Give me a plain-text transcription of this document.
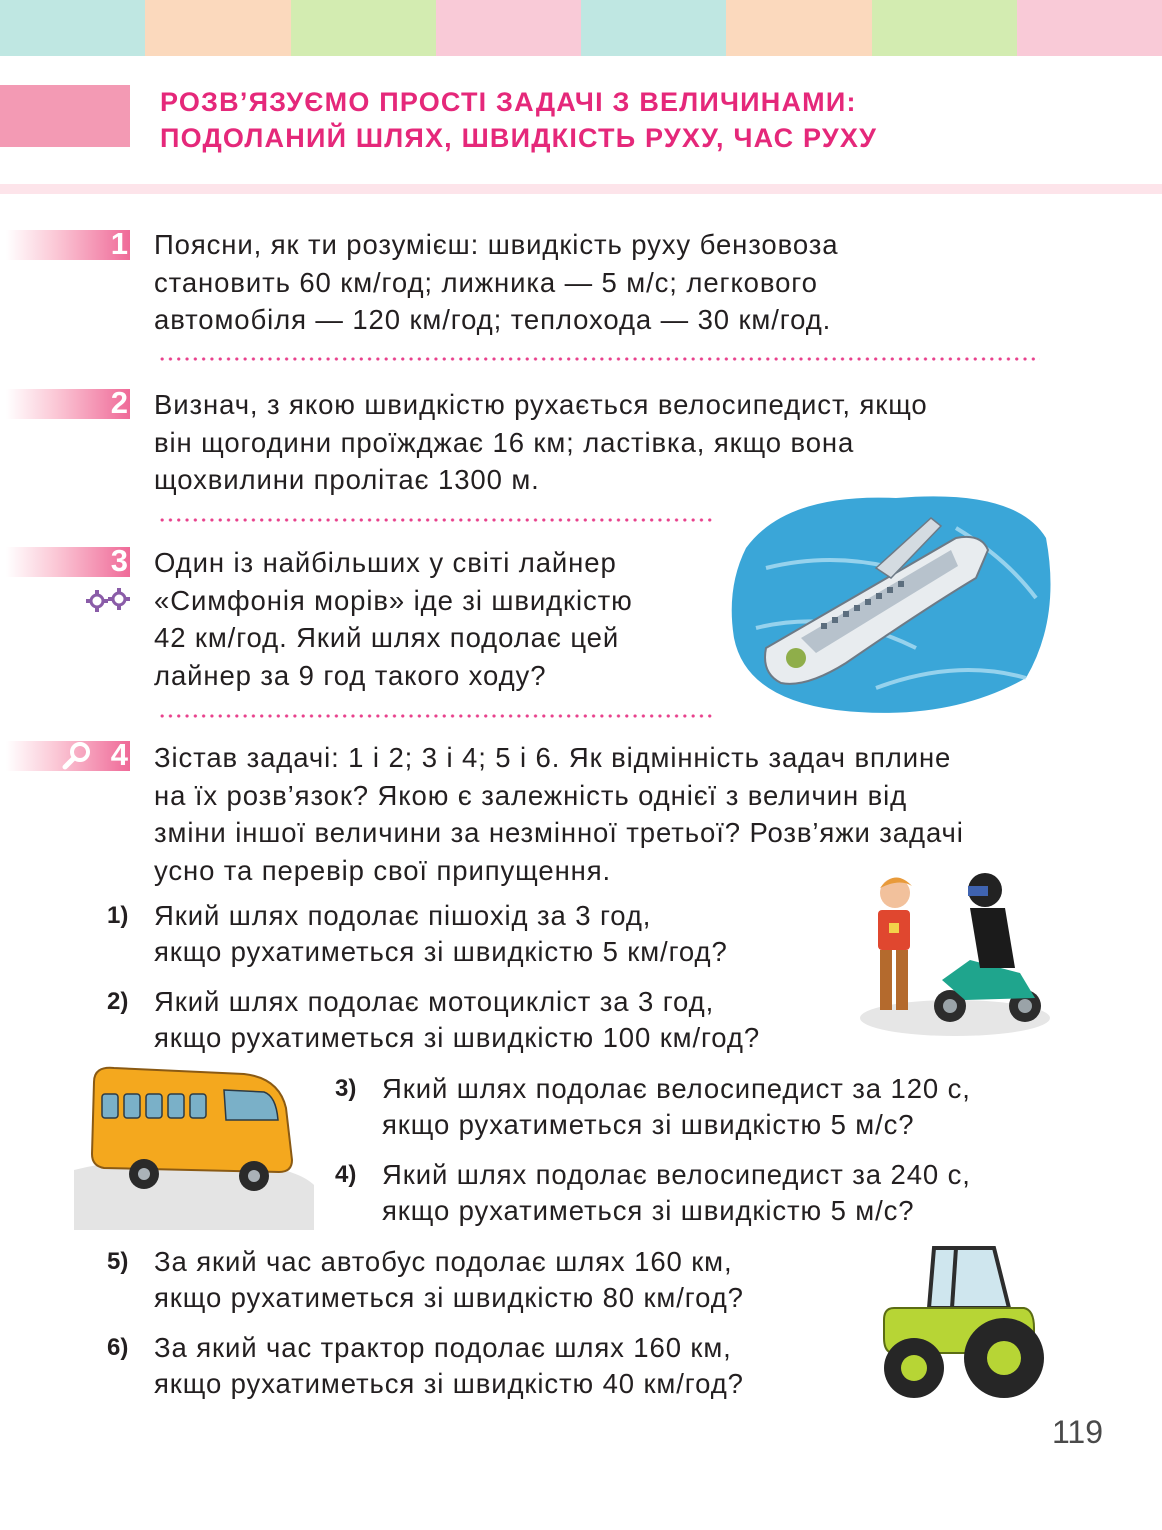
РОЗВ’ЯЗУЄМО ПРОСТІ ЗАДАЧІ З ВЕЛИЧИНАМИ:
ПОДОЛАНИЙ ШЛЯХ, ШВИДКІСТЬ РУХУ, ЧАС РУХУ
1 Поясни, як ти розумієш: швидкість руху бензовоза
становить 60 км/год; лижника — 5 м/с; легкового
автомобіля — 120 км/год; теплохода — 30 км/год.
2 Визнач, з якою швидкістю рухається велосипедист, якщо
він щогодини проїжджає 16 км; ластівка, якщо вона
щохвилини пролітає 1300 м.
3 Один із найбільших у світі лайнер
«Симфонія морів» іде зі швидкістю
42 км/год. Який шлях подолає цей
лайнер за 9 год такого ходу?
4 Зістав задачі: 1 і 2; 3 і 4; 5 і 6. Як відмінність задач вплине
на їх розв’язок? Якою є залежність однієї з величин від
зміни іншої величини за незмінної третьої? Розв’яжи задачі
усно та перевір свої припущення.
1) Який шлях подолає пішохід за 3 год,
якщо рухатиметься зі швидкістю 5 км/год?
2) Який шлях подолає мотоцикліст за 3 год,
якщо рухатиметься зі швидкістю 100 км/год?
3) Який шлях подолає велосипедист за 120 с,
якщо рухатиметься зі швидкістю 5 м/с?
4) Який шлях подолає велосипедист за 240 с,
якщо рухатиметься зі швидкістю 5 м/с?
5) За який час автобус подолає шлях 160 км,
якщо рухатиметься зі швидкістю 80 км/год?
6) За який час трактор подолає шлях 160 км,
якщо рухатиметься зі швидкістю 40 км/год?
119
